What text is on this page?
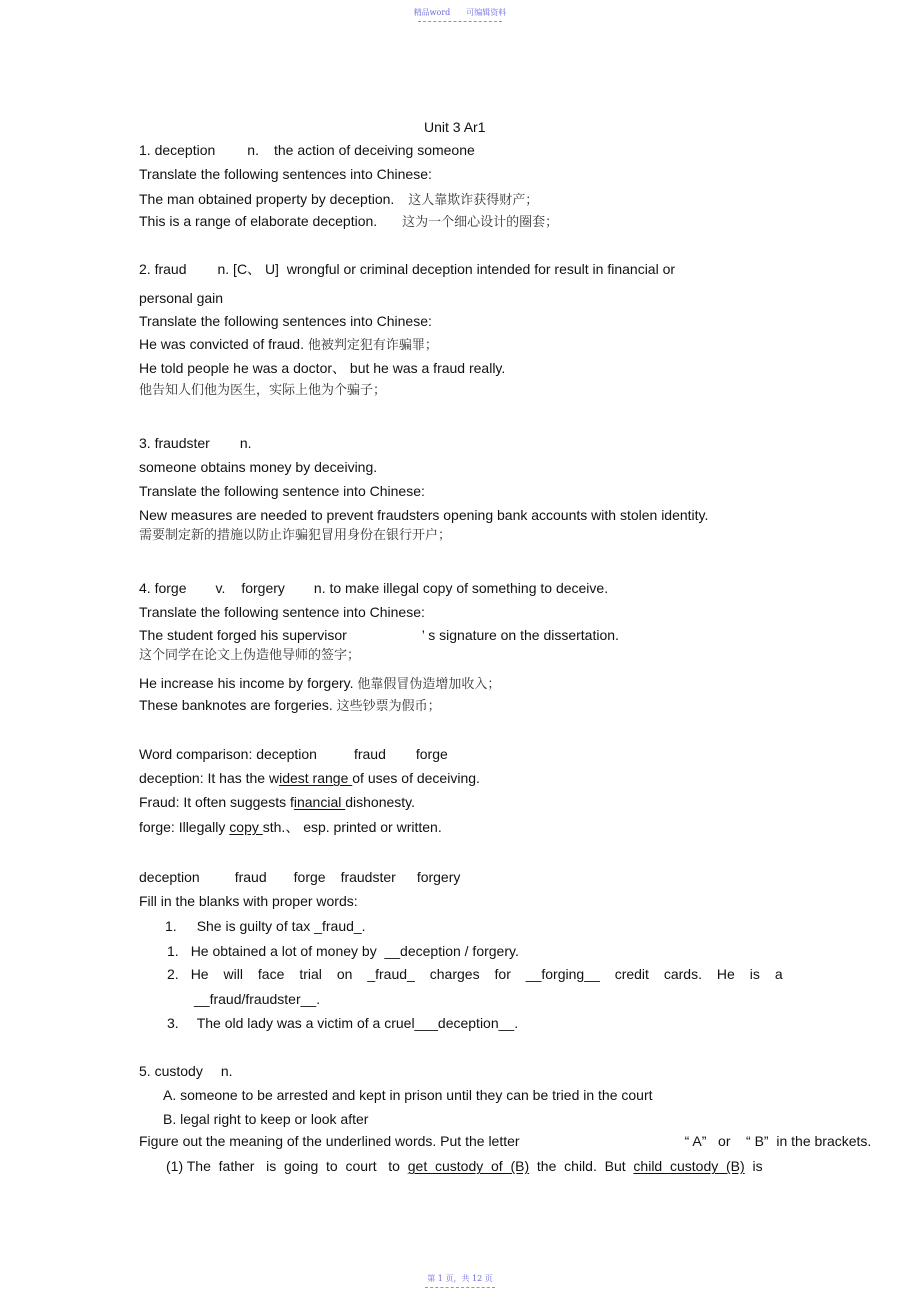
精品word 可编辑资料
Unit 3 Ar1
1. deception n. the action of deceiving someone
Translate the following sentences into Chinese:
The man obtained property by deception. 这人靠欺诈获得财产；
This is a range of elaborate deception. 这为一个细心设计的圈套；
2. fraud n. [C、 U]  wrongful or criminal deception intended for result in financial or
personal gain
Translate the following sentences into Chinese:
He was convicted of fraud. 他被判定犯有诈骗罪；
He told people he was a doctor、 but he was a fraud really.
他告知人们他为医生，实际上他为个骗子；
3. fraudster n.
someone obtains money by deceiving.
Translate the following sentence into Chinese:
New measures are needed to prevent fraudsters opening bank accounts with stolen identity.
需要制定新的措施以防止诈骗犯冒用身份在银行开户；
4. forge v. forgery n. to make illegal copy of something to deceive.
Translate the following sentence into Chinese:
The student forged his supervisor	’ s signature on the dissertation.
这个同学在论文上伪造他导师的签字；
He increase his income by forgery. 他靠假冒伪造增加收入；
These banknotes are forgeries. 这些钞票为假币；
Word comparison: deception	fraud forge
deception: It has the widest range of uses of deceiving.
Fraud: It often suggests financial dishonesty.
forge: Illegally copy sth.、 esp. printed or written.
deception	fraud forge fraudster forgery
Fill in the blanks with proper words:
1. She is guilty of tax _fraud_.
1. He obtained a lot of money by  __deception / forgery.
2. He will face trial on _fraud_ charges for __forging__ credit cards. He is a
__fraud/fraudster__.
3. The old lady was a victim of a cruel___deception__.
5. custody n.
A. someone to be arrested and kept in prison until they can be tried in the court
B. legal right to keep or look after
Figure out the meaning of the underlined words. Put the letter	“ A”   or    “ B”  in the brackets.
(1) The  father   is  going  to  court   to  get  custody  of  (B)  the  child.  But  child  custody  (B)  is
第 1 页，共 12 页
